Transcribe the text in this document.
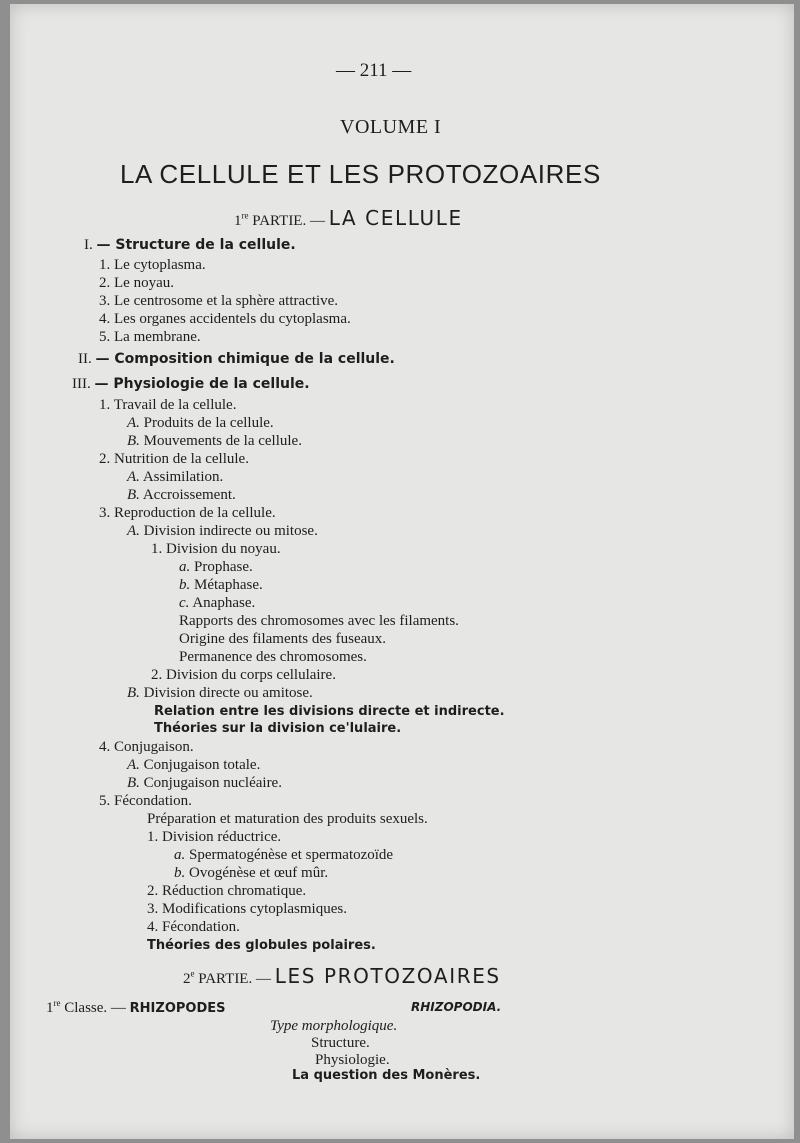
— 211 —
VOLUME I
LA CELLULE ET LES PROTOZOAIRES
1re PARTIE. — LA CELLULE
I. — Structure de la cellule.
1. Le cytoplasma.
2. Le noyau.
3. Le centrosome et la sphère attractive.
4. Les organes accidentels du cytoplasma.
5. La membrane.
II. — Composition chimique de la cellule.
III. — Physiologie de la cellule.
1. Travail de la cellule.
A. Produits de la cellule.
B. Mouvements de la cellule.
2. Nutrition de la cellule.
A. Assimilation.
B. Accroissement.
3. Reproduction de la cellule.
A. Division indirecte ou mitose.
1. Division du noyau.
a. Prophase.
b. Métaphase.
c. Anaphase.
Rapports des chromosomes avec les filaments.
Origine des filaments des fuseaux.
Permanence des chromosomes.
2. Division du corps cellulaire.
B. Division directe ou amitose.
Relation entre les divisions directe et indirecte.
Théories sur la division ce'lulaire.
4. Conjugaison.
A. Conjugaison totale.
B. Conjugaison nucléaire.
5. Fécondation.
Préparation et maturation des produits sexuels.
1. Division réductrice.
a. Spermatogénèse et spermatozoïde
b. Ovogénèse et œuf mûr.
2. Réduction chromatique.
3. Modifications cytoplasmiques.
4. Fécondation.
Théories des globules polaires.
2e PARTIE. — LES PROTOZOAIRES
1re Classe. — RHIZOPODES	RHIZOPODIA.
Type morphologique.
Structure.
Physiologie.
La question des Monères.
